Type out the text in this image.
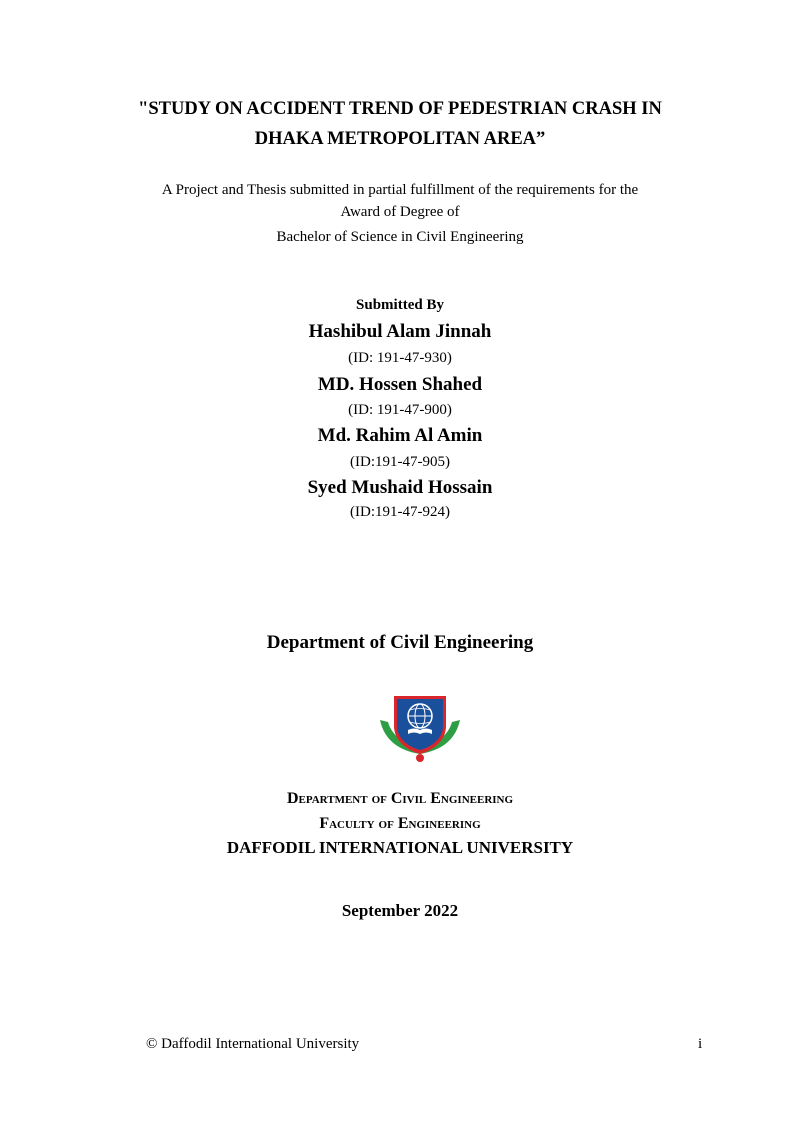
"STUDY ON ACCIDENT TREND OF PEDESTRIAN CRASH IN
DHAKA METROPOLITAN AREA”
A Project and Thesis submitted in partial fulfillment of the requirements for the
Award of Degree of
Bachelor of Science in Civil Engineering
Submitted By
Hashibul Alam Jinnah
(ID: 191-47-930)
MD. Hossen Shahed
(ID: 191-47-900)
Md. Rahim Al Amin
(ID:191-47-905)
Syed Mushaid Hossain
(ID:191-47-924)
Department of Civil Engineering
Department of Civil Engineering
Faculty of Engineering
DAFFODIL INTERNATIONAL UNIVERSITY
September 2022
© Daffodil International University	i
